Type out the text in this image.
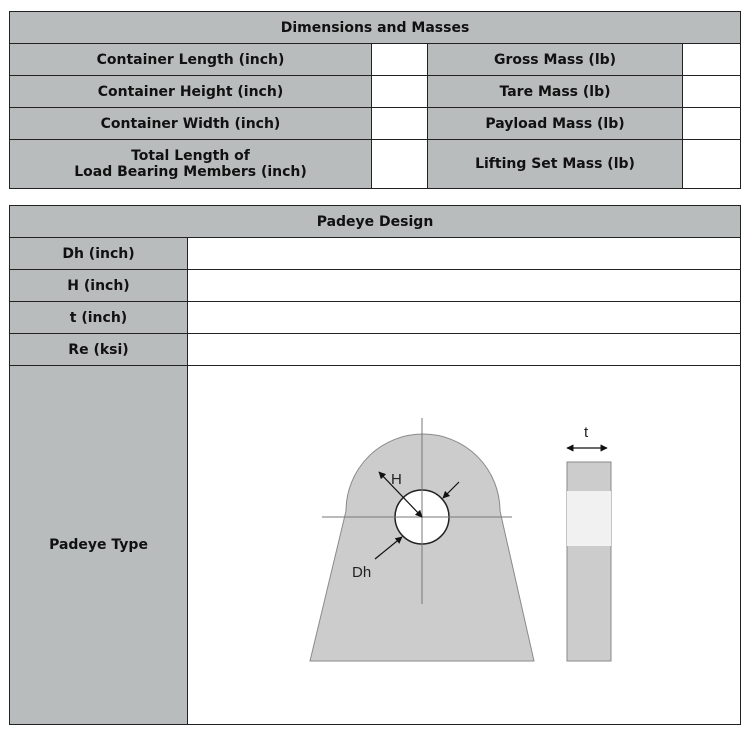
Dimensions and Masses			
Container Length (inch)		Gross Mass (lb)	
Container Height (inch)		Tare Mass (lb)	
Container Width (inch)		Payload Mass (lb)	

Total Length of
Load Bearing Members (inch)		Lifting Set Mass (lb)	
Padeye Design	
Dh (inch)	
H (inch)	
t (inch)	
Re (ksi)	
Padeye Type	H
Dh
t
